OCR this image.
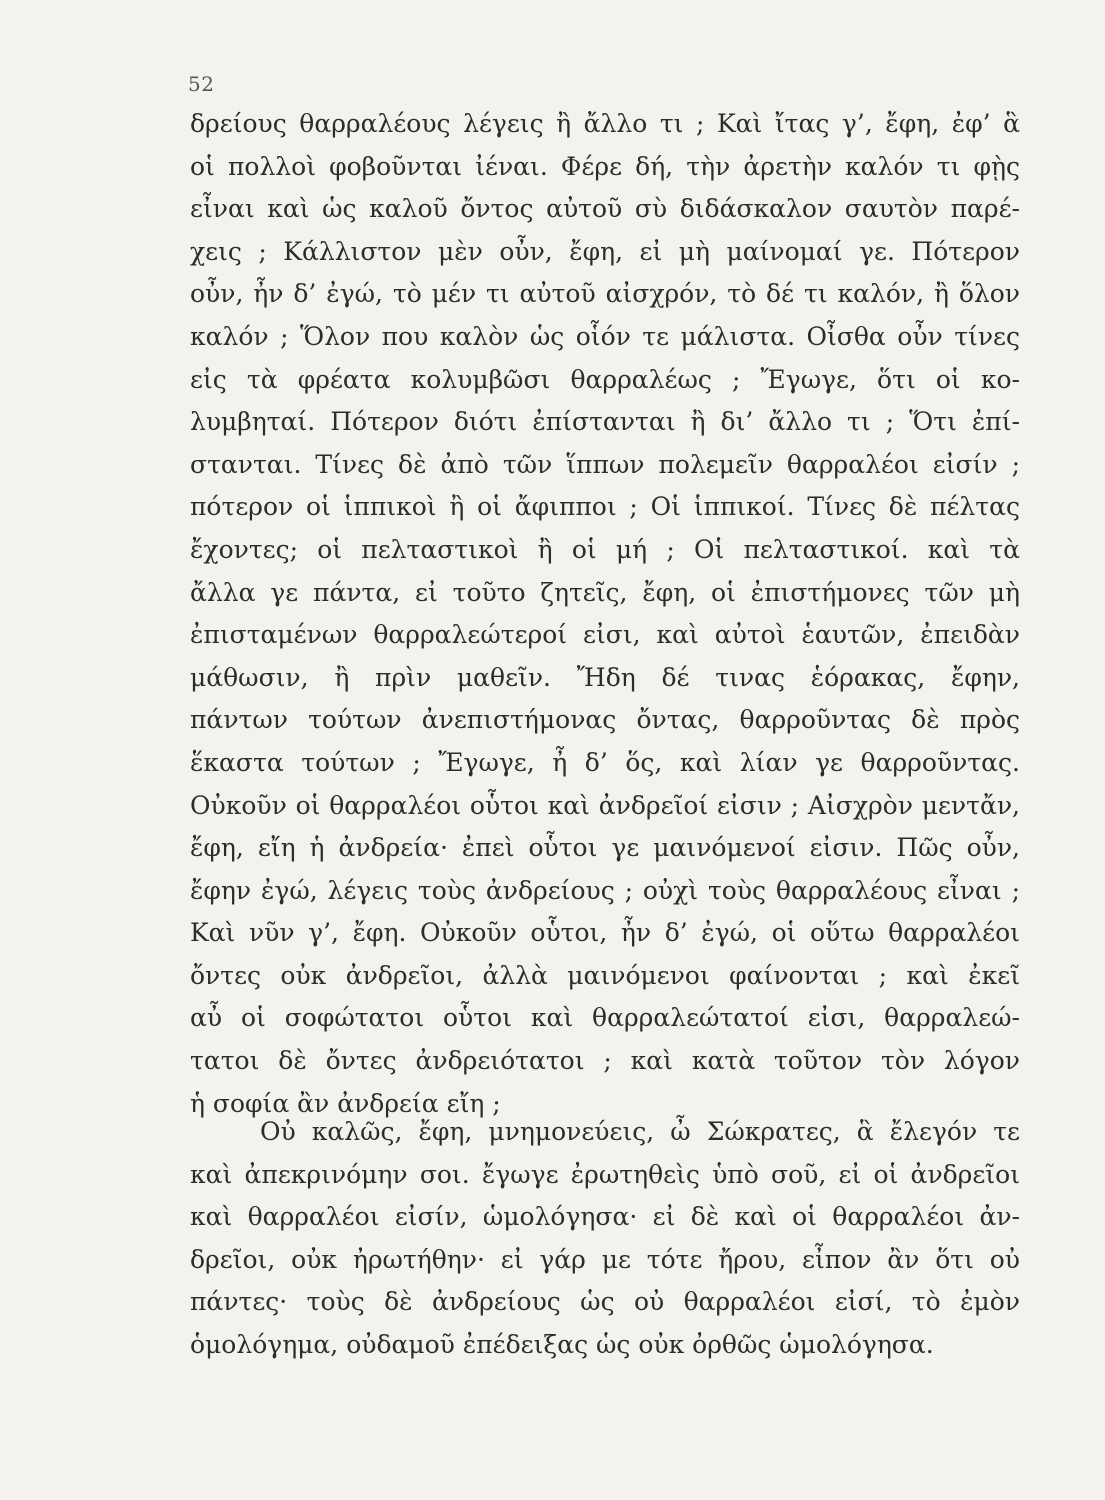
52
δρείους θαρραλέους λέγεις ἢ ἄλλο τι ; Καὶ ἴτας γ’, ἔφη, ἐφ’ ἃ
οἱ πολλοὶ φοβοῦνται ἰέναι. Φέρε δή, τὴν ἀρετὴν καλόν τι φῂς
εἶναι καὶ ὡς καλοῦ ὄντος αὐτοῦ σὺ διδάσκαλον σαυτὸν παρέ-
χεις ; Κάλλιστον μὲν οὖν, ἔφη, εἰ μὴ μαίνομαί γε. Πότερον
οὖν, ἦν δ’ ἐγώ, τὸ μέν τι αὐτοῦ αἰσχρόν, τὸ δέ τι καλόν, ἢ ὅλον
καλόν ; Ὅλον που καλὸν ὡς οἷόν τε μάλιστα. Οἶσθα οὖν τίνες
εἰς τὰ φρέατα κολυμβῶσι θαρραλέως ; Ἔγωγε, ὅτι οἱ κο-
λυμβηταί. Πότερον διότι ἐπίστανται ἢ δι’ ἄλλο τι ; Ὅτι ἐπί-
στανται. Τίνες δὲ ἀπὸ τῶν ἵππων πολεμεῖν θαρραλέοι εἰσίν ;
πότερον οἱ ἱππικοὶ ἢ οἱ ἄφιπποι ; Οἱ ἱππικοί. Τίνες δὲ πέλτας
ἔχοντες; οἱ πελταστικοὶ ἢ οἱ μή ; Οἱ πελταστικοί. καὶ τὰ
ἄλλα γε πάντα, εἰ τοῦτο ζητεῖς, ἔφη, οἱ ἐπιστήμονες τῶν μὴ
ἐπισταμένων θαρραλεώτεροί εἰσι, καὶ αὐτοὶ ἑαυτῶν, ἐπειδὰν
μάθωσιν, ἢ πρὶν μαθεῖν. Ἤδη δέ τινας ἑόρακας, ἔφην,
πάντων τούτων ἀνεπιστήμονας ὄντας, θαρροῦντας δὲ πρὸς
ἕκαστα τούτων ; Ἔγωγε, ἦ δ’ ὅς, καὶ λίαν γε θαρροῦντας.
Οὐκοῦν οἱ θαρραλέοι οὗτοι καὶ ἀνδρεῖοί εἰσιν ; Αἰσχρὸν μεντἄν,
ἔφη, εἴη ἡ ἀνδρεία· ἐπεὶ οὗτοι γε μαινόμενοί εἰσιν. Πῶς οὖν,
ἔφην ἐγώ, λέγεις τοὺς ἀνδρείους ; οὐχὶ τοὺς θαρραλέους εἶναι ;
Καὶ νῦν γ’, ἔφη. Οὐκοῦν οὗτοι, ἦν δ’ ἐγώ, οἱ οὕτω θαρραλέοι
ὄντες οὐκ ἀνδρεῖοι, ἀλλὰ μαινόμενοι φαίνονται ; καὶ ἐκεῖ
αὖ οἱ σοφώτατοι οὗτοι καὶ θαρραλεώτατοί εἰσι, θαρραλεώ-
τατοι δὲ ὄντες ἀνδρειότατοι ; καὶ κατὰ τοῦτον τὸν λόγον
ἡ σοφία ἂν ἀνδρεία εἴη ;
Οὐ καλῶς, ἔφη, μνημονεύεις, ὦ Σώκρατες, ἃ ἔλεγόν τε
καὶ ἀπεκρινόμην σοι. ἔγωγε ἐρωτηθεὶς ὑπὸ σοῦ, εἰ οἱ ἀνδρεῖοι
καὶ θαρραλέοι εἰσίν, ὡμολόγησα· εἰ δὲ καὶ οἱ θαρραλέοι ἀν-
δρεῖοι, οὐκ ἠρωτήθην· εἰ γάρ με τότε ἤρου, εἶπον ἂν ὅτι οὐ
πάντες· τοὺς δὲ ἀνδρείους ὡς οὐ θαρραλέοι εἰσί, τὸ ἐμὸν
ὁμολόγημα, οὐδαμοῦ ἐπέδειξας ὡς οὐκ ὀρθῶς ὡμολόγησα.
